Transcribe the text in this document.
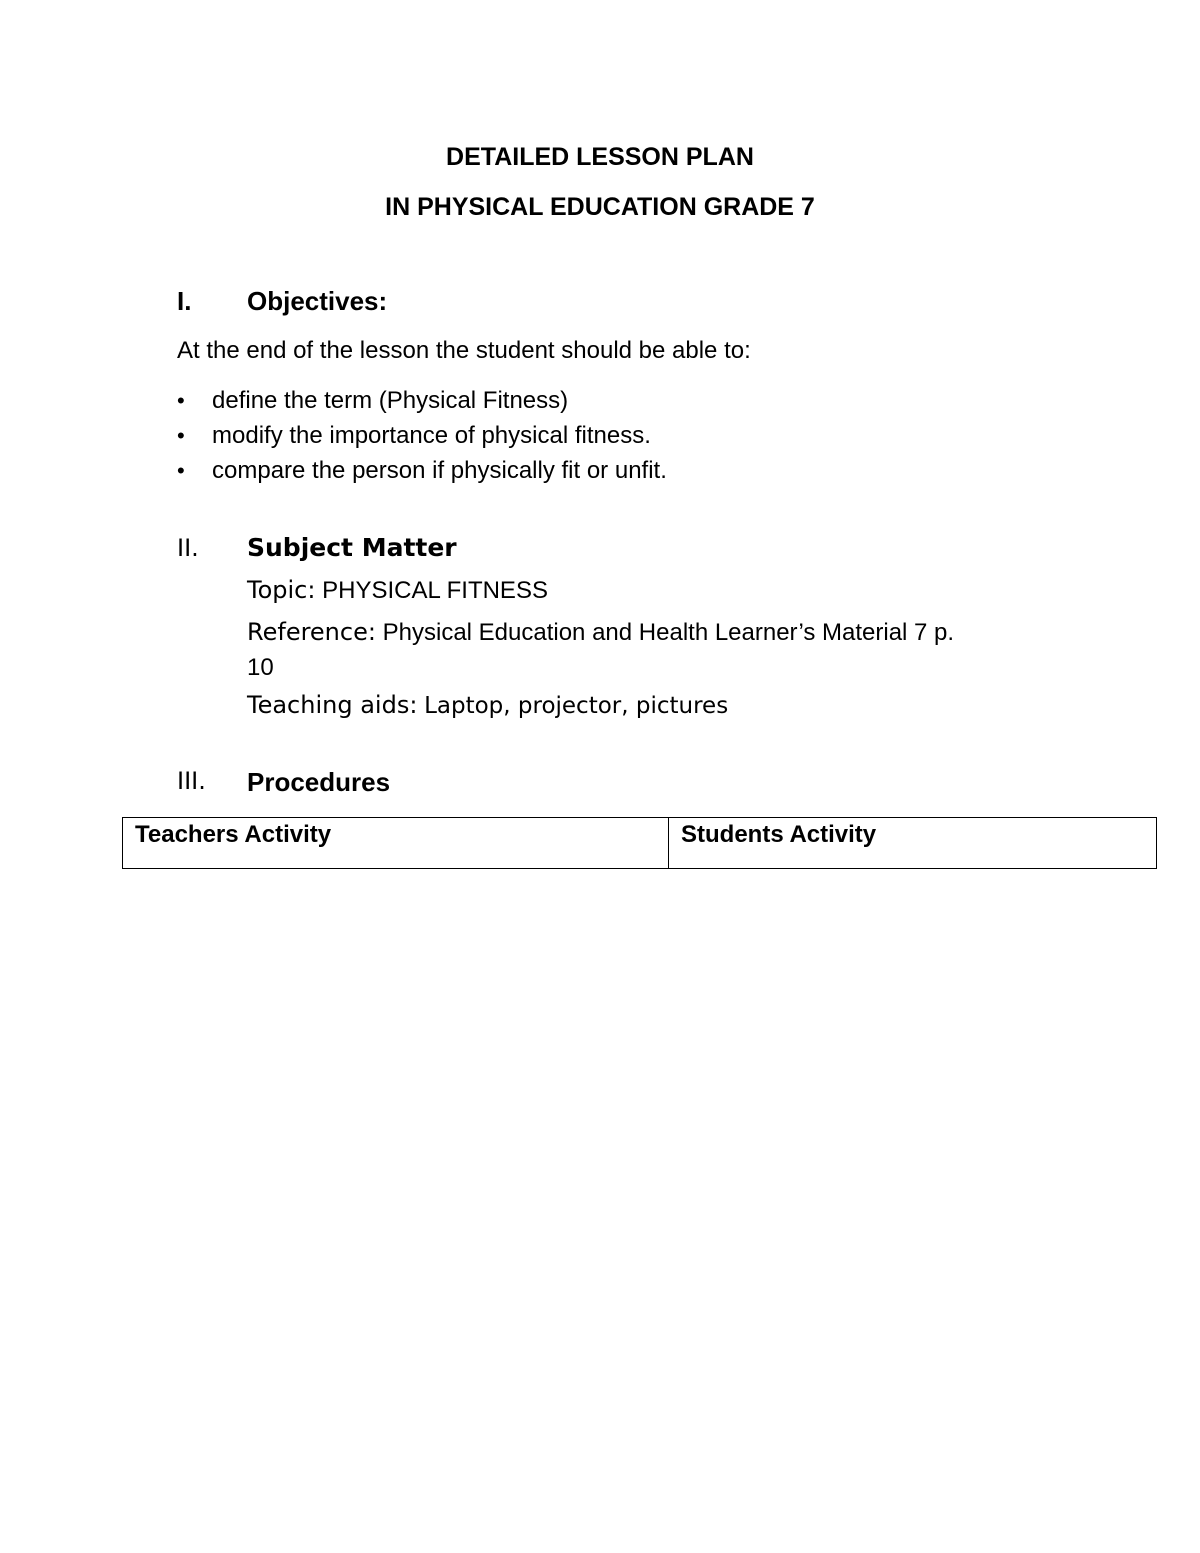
DETAILED LESSON PLAN
IN PHYSICAL EDUCATION GRADE 7
I. Objectives:
At the end of the lesson the student should be able to:
• define the term (Physical Fitness)
• modify the importance of physical fitness.
• compare the person if physically fit or unfit.
II. Subject Matter
Topic: PHYSICAL FITNESS
Reference: Physical Education and Health Learner’s Material 7 p.
10
Teaching aids: Laptop, projector, pictures
III. Procedures
Teachers Activity	Students Activity
